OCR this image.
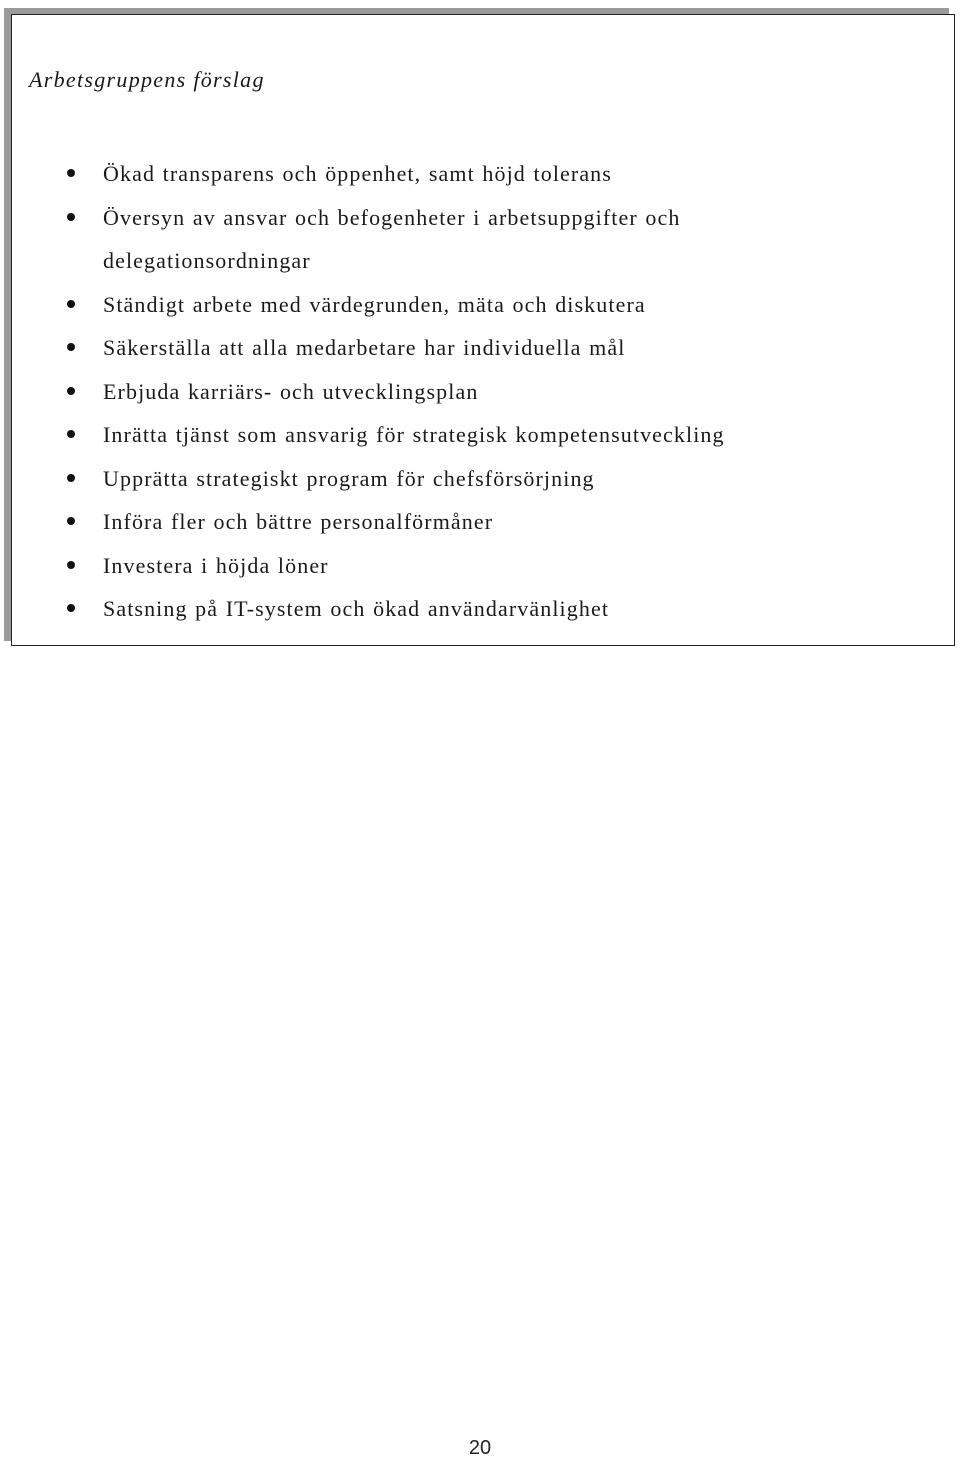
Arbetsgruppens förslag
Ökad transparens och öppenhet, samt höjd tolerans
Översyn av ansvar och befogenheter i arbetsuppgifter och delegationsordningar
Ständigt arbete med värdegrunden, mäta och diskutera
Säkerställa att alla medarbetare har individuella mål
Erbjuda karriärs- och utvecklingsplan
Inrätta tjänst som ansvarig för strategisk kompetensutveckling
Upprätta strategiskt program för chefsförsörjning
Införa fler och bättre personalförmåner
Investera i höjda löner
Satsning på IT-system och ökad användarvänlighet
20
